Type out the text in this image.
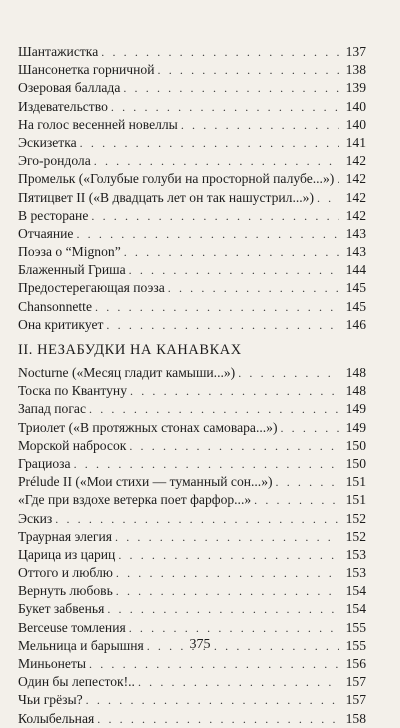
Шантажистка . . .	137
Шансонетка горничной . . .	138
Озеровая баллада . . .	139
Издевательство . . .	140
На голос весенней новеллы . . .	140
Эскизетка . . .	141
Эго-рондола . . .	142
Промельк («Голубые голуби на просторной палубе...») . . . 142
Пятицвет II («В двадцать лет он так нашустрил...») . . . 142
В ресторане . . .	142
Отчаяние . . .	143
Поэза о “Mignon” . . .	143
Блаженный Гриша . . .	144
Предостерегающая поэза . . .	145
Chansonnette . . .	145
Она критикует . . .	146
II. НЕЗАБУДКИ НА КАНАВКАХ
Nocturne («Месяц гладит камыши...») . . .	148
Тоска по Квантуну . . .	148
Запад погас . . .	149
Триолет («В протяжных стонах самовара...») . . .	149
Морской набросок . . .	150
Грациоза . . .	150
Prélude II («Мои стихи — туманный сон...») . . .	151
«Где при вздохе ветерка поет фарфор...» . . .	151
Эскиз . . .	152
Траурная элегия . . .	152
Царица из цариц . . .	153
Оттого и люблю . . .	153
Вернуть любовь . . .	154
Букет забвенья . . .	154
Berceuse томления . . .	155
Мельница и барышня . . .	155
Миньонеты . . .	156
Один бы лепесток!.. . . .	157
Чьи грёзы? . . .	157
Колыбельная . . .	158
375
